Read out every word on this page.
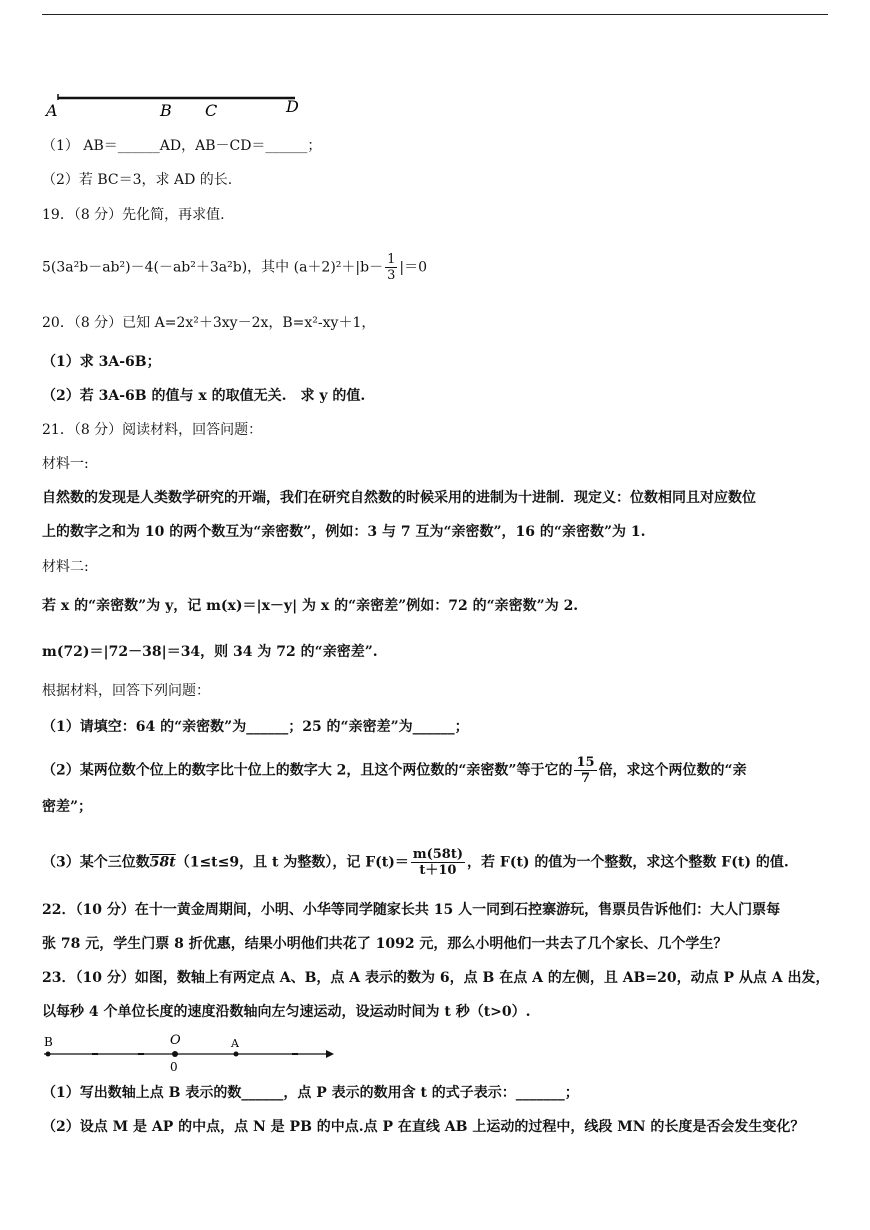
A	B C	D
（1） AB＝______AD，AB－CD＝______；
（2）若 BC＝3，求 AD 的长.
19．（8 分）先化简，再求值.
5(3a²b－ab²)－4(－ab²＋3a²b)，其中 $(a+2)^2+|b- \frac{1}{3} |=0$
20．（8 分）已知 A=2x²＋3xy－2x，B=x²-xy＋1，
（1）求 3A-6B；
（2）若 3A-6B 的值与 x 的取值无关.　求 y 的值.
21．（8 分）阅读材料，回答问题：
材料一:
自然数的发现是人类数学研究的开端，我们在研究自然数的时候采用的进制为十进制．现定义：位数相同且对应数位
上的数字之和为 10 的两个数互为“亲密数”，例如：3 与 7 互为“亲密数”，16 的“亲密数”为 1.
材料二:
若 x 的“亲密数”为 y，记 m(x)＝|x－y| 为 x 的“亲密差”例如：72 的“亲密数”为 2.
m(72)＝|72－38|＝34，则 34 为 72 的“亲密差”.
根据材料，回答下列问题：
（1）请填空：64 的“亲密数”为______；25 的“亲密差”为______；
（2）某两位数个位上的数字比十位上的数字大 2，且这个两位数的“亲密数”等于它的 $\frac{15}{7}$ 倍，求这个两位数的“亲
密差”；
（3）某个三位数58t（1≤t≤9，且 t 为整数），记 $F(t)= \frac{m(58t)}{t+10}$ ，若 F(t) 的值为一个整数，求这个整数 F(t) 的值.
22．（10 分）在十一黄金周期间，小明、小华等同学随家长共 15 人一同到石控寨游玩，售票员告诉他们：大人门票每
张 78 元，学生门票 8 折优惠，结果小明他们共花了 1092 元，那么小明他们一共去了几个家长、几个学生？
23．（10 分）如图，数轴上有两定点 A、B，点 A 表示的数为 6，点 B 在点 A 的左侧，且 AB=20，动点 P 从点 A 出发，
以每秒 4 个单位长度的速度沿数轴向左匀速运动，设运动时间为 t 秒（t>0）.
B	O	A
0
（1）写出数轴上点 B 表示的数______，点 P 表示的数用含 t 的式子表示：_______；
（2）设点 M 是 AP 的中点，点 N 是 PB 的中点.点 P 在直线 AB 上运动的过程中，线段 MN 的长度是否会发生变化？
